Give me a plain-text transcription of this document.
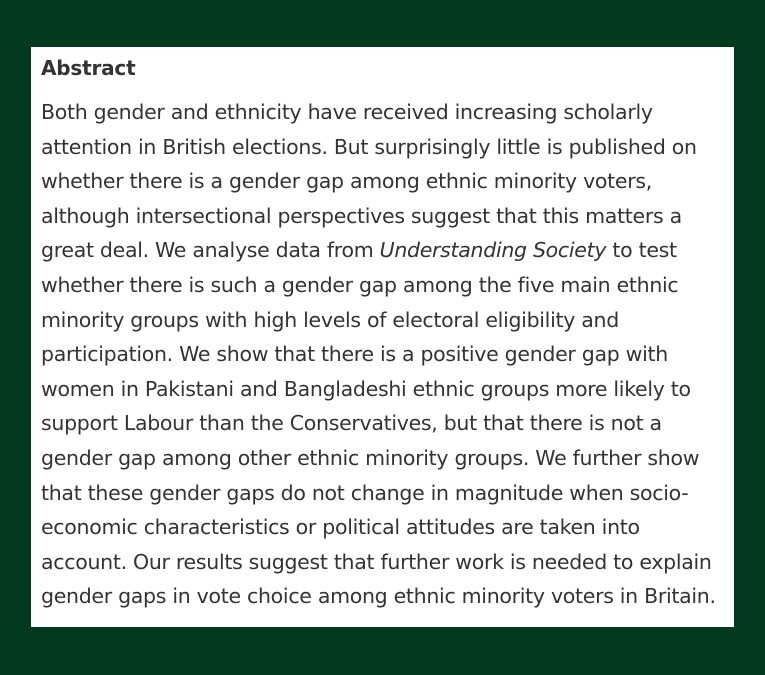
Abstract

Both gender and ethnicity have received increasing scholarly
attention in British elections. But surprisingly little is published on
whether there is a gender gap among ethnic minority voters,
although intersectional perspectives suggest that this matters a
great deal. We analyse data from Understanding Society to test
whether there is such a gender gap among the five main ethnic
minority groups with high levels of electoral eligibility and
participation. We show that there is a positive gender gap with
women in Pakistani and Bangladeshi ethnic groups more likely to
support Labour than the Conservatives, but that there is not a
gender gap among other ethnic minority groups. We further show
that these gender gaps do not change in magnitude when socio-
economic characteristics or political attitudes are taken into
account. Our results suggest that further work is needed to explain
gender gaps in vote choice among ethnic minority voters in Britain.
